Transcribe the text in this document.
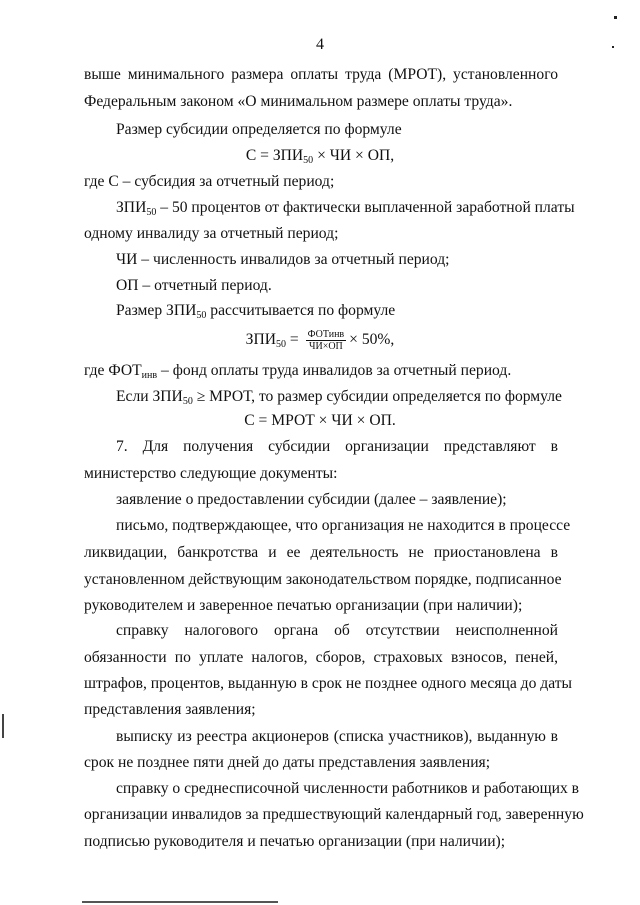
4
выше минимального размера оплаты труда (МРОТ), установленного
Федеральным законом «О минимальном размере оплаты труда».
Размер субсидии определяется по формуле
$С = ЗПИ_{50}$ × ЧИ × ОП,
где С – субсидия за отчетный период;
$ЗПИ_{50} - 50$ процентов от фактически выплаченной заработной платы
одному инвалиду за отчетный период;
ЧИ – численность инвалидов за отчетный период;
ОП – отчетный период.
Размер $ЗПИ_{50}$ рассчитывается по формуле
$ЗПИ_{50} = \frac{\text{ФОТинв}}{ЧИ\times ОП} \times 50\%$,
где $ФОТ_{инв}$ – фонд оплаты труда инвалидов за отчетный период.
Если $ЗПИ_{50}$ ≥ МРОТ, то размер субсидии определяется по формуле
С = МРОТ × ЧИ × ОП.
7. Для получения субсидии организации представляют в
министерство следующие документы:
заявление о предоставлении субсидии (далее – заявление);
письмо, подтверждающее, что организация не находится в процессе
ликвидации, банкротства и ее деятельность не приостановлена в
установленном действующим законодательством порядке, подписанное
руководителем и заверенное печатью организации (при наличии);
справку налогового органа об отсутствии неисполненной
обязанности по уплате налогов, сборов, страховых взносов, пеней,
штрафов, процентов, выданную в срок не позднее одного месяца до даты
представления заявления;
выписку из реестра акционеров (списка участников), выданную в
срок не позднее пяти дней до даты представления заявления;
справку о среднесписочной численности работников и работающих в
организации инвалидов за предшествующий календарный год, заверенную
подписью руководителя и печатью организации (при наличии);
